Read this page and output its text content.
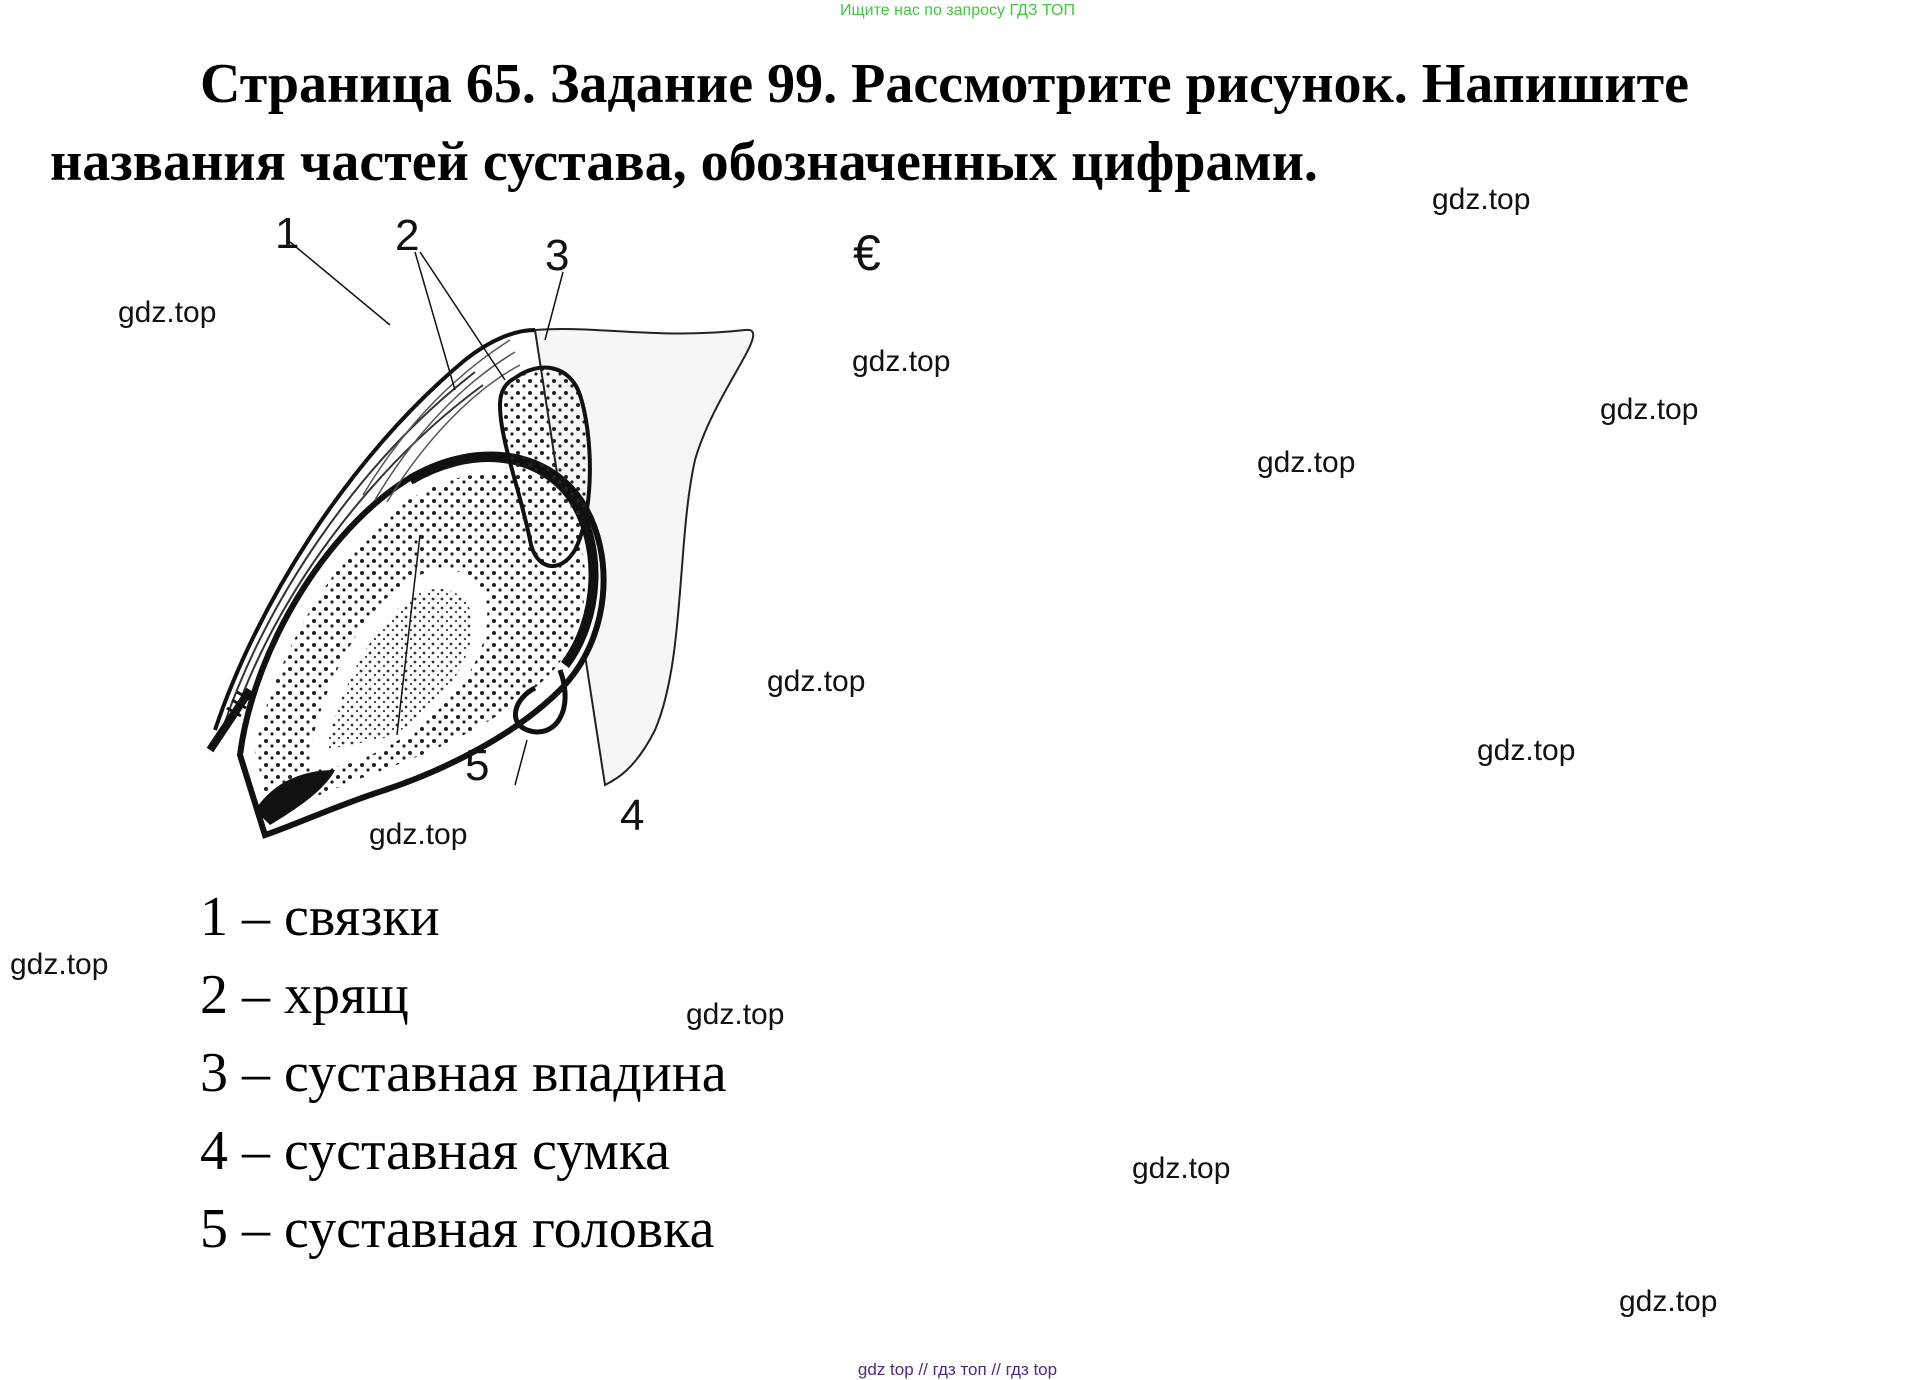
Ищите нас по запросу ГДЗ ТОП
Страница 65. Задание 99. Рассмотрите рисунок. Напишите
названия частей сустава, обозначенных цифрами.
1 2	3
4
5
€
1 – связки
2 – хрящ
3 – суставная впадина
4 – суставная сумка
5 – суставная головка
gdz.top
gdz.top
gdz.top
gdz.top
gdz.top
gdz.top
gdz.top
gdz.top
gdz.top
gdz.top
gdz.top
gdz.top
gdz top // гдз топ // гдз top
